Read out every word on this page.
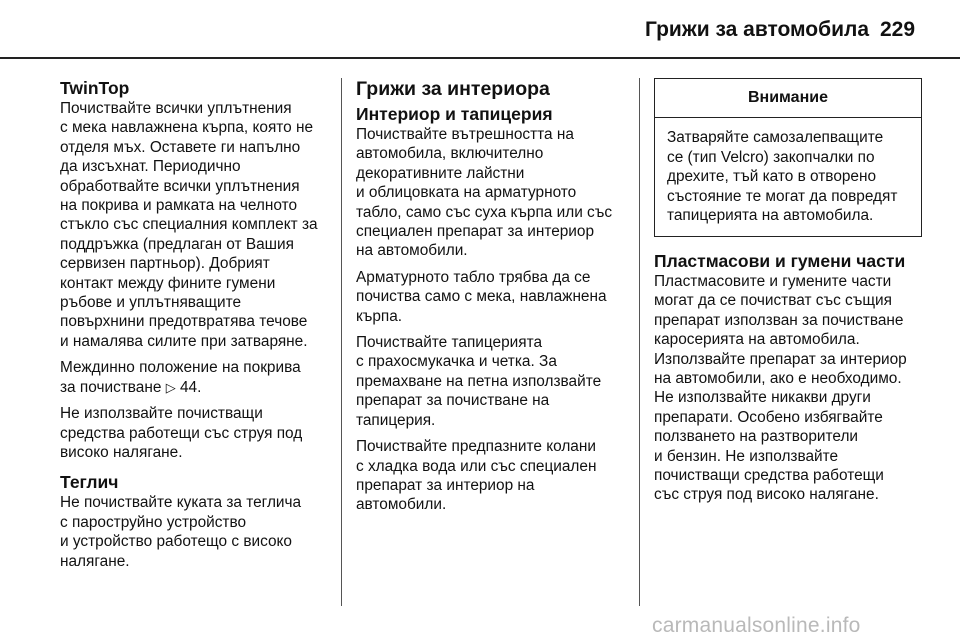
Грижи за автомобила 229
TwinTop

Почиствайте всички уплътнения
с мека навлажнена кърпа, която не
отделя мъх. Оставете ги напълно
да изсъхнат. Периодично
обработвайте всички уплътнения
на покрива и рамката на челното
стъкло със специалния комплект за
поддръжка (предлаган от Вашия
сервизен партньор). Добрият
контакт между фините гумени
ръбове и уплътняващите
повърхнини предотвратява течове
и намалява силите при затваряне.

Междинно положение на покрива
за почистване ▷ 44.

Не използвайте почистващи
средства работещи със струя под
високо налягане.

Теглич

Не почиствайте куката за теглича
с пароструйно устройство
и устройство работещо с високо
налягане.

Грижи за интериора
Интериор и тапицерия

Почиствайте вътрешността на
автомобила, включително
декоративните лайстни
и облицовката на арматурното
табло, само със суха кърпа или със
специален препарат за интериор
на автомобили.

Арматурното табло трябва да се
почиства само с мека, навлажнена
кърпа.

Почиствайте тапицерията
с прахосмукачка и четка. За
премахване на петна използвайте
препарат за почистване на
тапицерия.

Почиствайте предпазните колани
с хладка вода или със специален
препарат за интериор на
автомобили.

Внимание
Затваряйте самозалепващите
се (тип Velcro) закопчалки по
дрехите, тъй като в отворено
състояние те могат да повредят
тапицерията на автомобила.
Пластмасови и гумени части

Пластмасовите и гумените части
могат да се почистват със същия
препарат използван за почистване
каросерията на автомобила.
Използвайте препарат за интериор
на автомобили, ако е необходимо.
Не използвайте никакви други
препарати. Особено избягвайте
ползването на разтворители
и бензин. Не използвайте
почистващи средства работещи
със струя под високо налягане.

carmanualsonline.info
